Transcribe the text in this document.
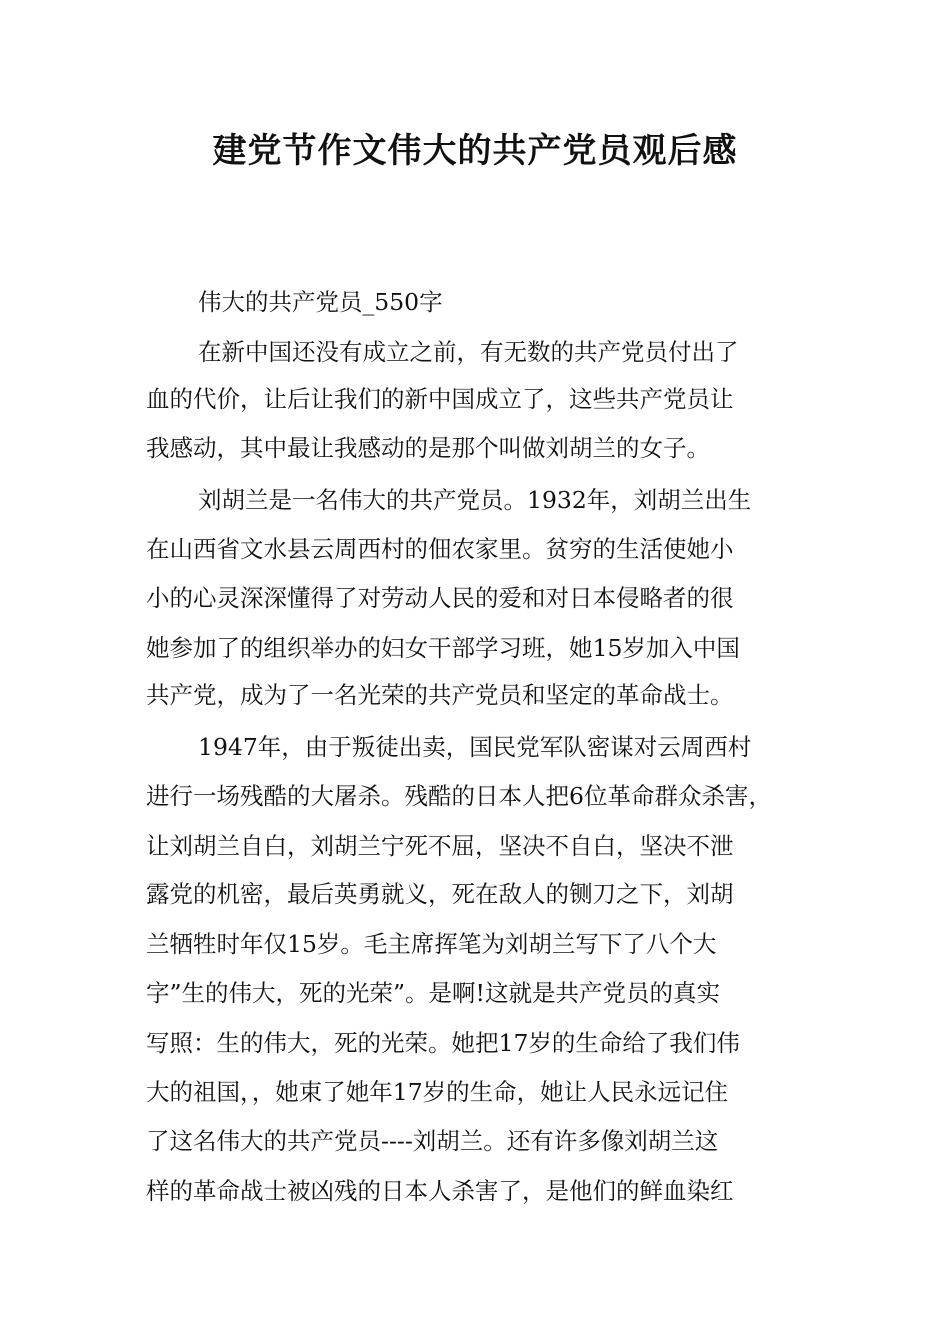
建党节作文伟大的共产党员观后感

伟大的共产党员_550字

在新中国还没有成立之前，有无数的共产党员付出了

血的代价，让后让我们的新中国成立了，这些共产党员让

我感动，其中最让我感动的是那个叫做刘胡兰的女子。

刘胡兰是一名伟大的共产党员。1932年，刘胡兰出生

在山西省文水县云周西村的佃农家里。贫穷的生活使她小

小的心灵深深懂得了对劳动人民的爱和对日本侵略者的很

她参加了的组织举办的妇女干部学习班，她15岁加入中国

共产党，成为了一名光荣的共产党员和坚定的革命战士。

1947年，由于叛徒出卖，国民党军队密谋对云周西村

进行一场残酷的大屠杀。残酷的日本人把6位革命群众杀害，

让刘胡兰自白，刘胡兰宁死不屈，坚决不自白，坚决不泄

露党的机密，最后英勇就义，死在敌人的铡刀之下，刘胡

兰牺牲时年仅15岁。毛主席挥笔为刘胡兰写下了八个大

字”生的伟大，死的光荣”。是啊!这就是共产党员的真实

写照：生的伟大，死的光荣。她把17岁的生命给了我们伟

大的祖国，，她束了她年17岁的生命，她让人民永远记住

了这名伟大的共产党员----刘胡兰。还有许多像刘胡兰这

样的革命战士被凶残的日本人杀害了，是他们的鲜血染红
